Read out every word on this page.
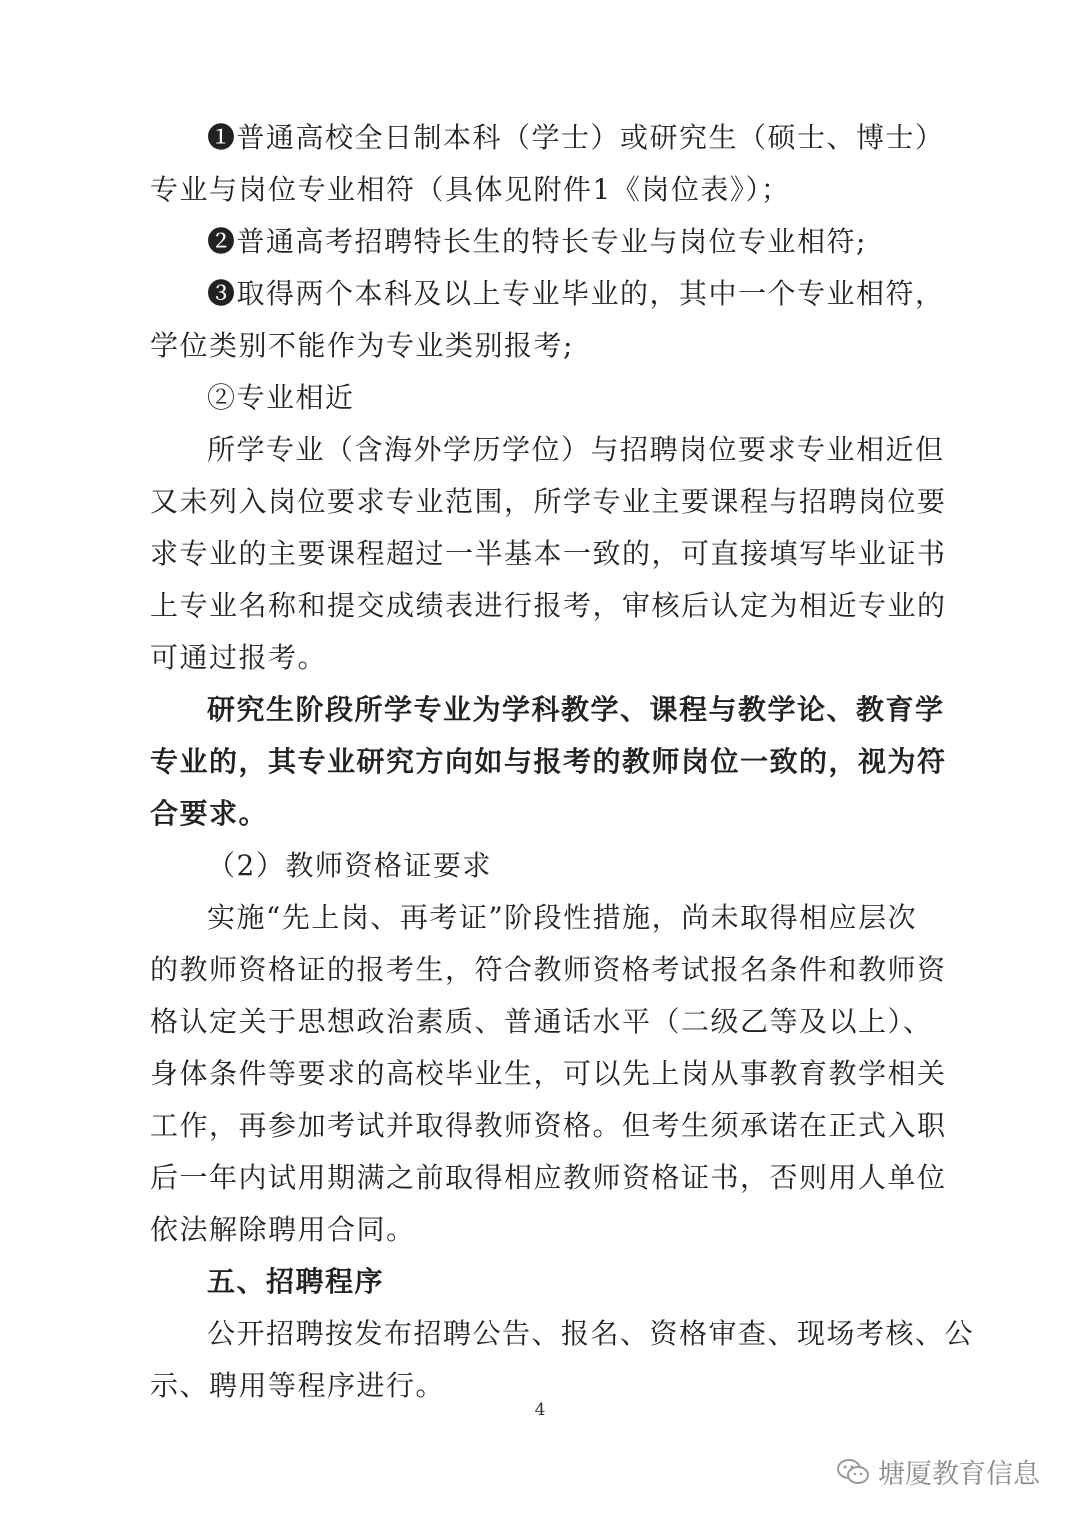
❶普通高校全日制本科（学士）或研究生（硕士、博士）
专业与岗位专业相符（具体见附件1《岗位表》）；
❷普通高考招聘特长生的特长专业与岗位专业相符;
❸取得两个本科及以上专业毕业的，其中一个专业相符，
学位类别不能作为专业类别报考;
②专业相近
所学专业（含海外学历学位）与招聘岗位要求专业相近但
又未列入岗位要求专业范围，所学专业主要课程与招聘岗位要
求专业的主要课程超过一半基本一致的，可直接填写毕业证书
上专业名称和提交成绩表进行报考，审核后认定为相近专业的
可通过报考。
研究生阶段所学专业为学科教学、课程与教学论、教育学
专业的，其专业研究方向如与报考的教师岗位一致的，视为符
合要求。
（2）教师资格证要求
实施“先上岗、再考证”阶段性措施，尚未取得相应层次
的教师资格证的报考生，符合教师资格考试报名条件和教师资
格认定关于思想政治素质、普通话水平（二级乙等及以上）、
身体条件等要求的高校毕业生，可以先上岗从事教育教学相关
工作，再参加考试并取得教师资格。但考生须承诺在正式入职
后一年内试用期满之前取得相应教师资格证书，否则用人单位
依法解除聘用合同。
五、招聘程序
公开招聘按发布招聘公告、报名、资格审查、现场考核、公
示、聘用等程序进行。
4
塘厦教育信息
